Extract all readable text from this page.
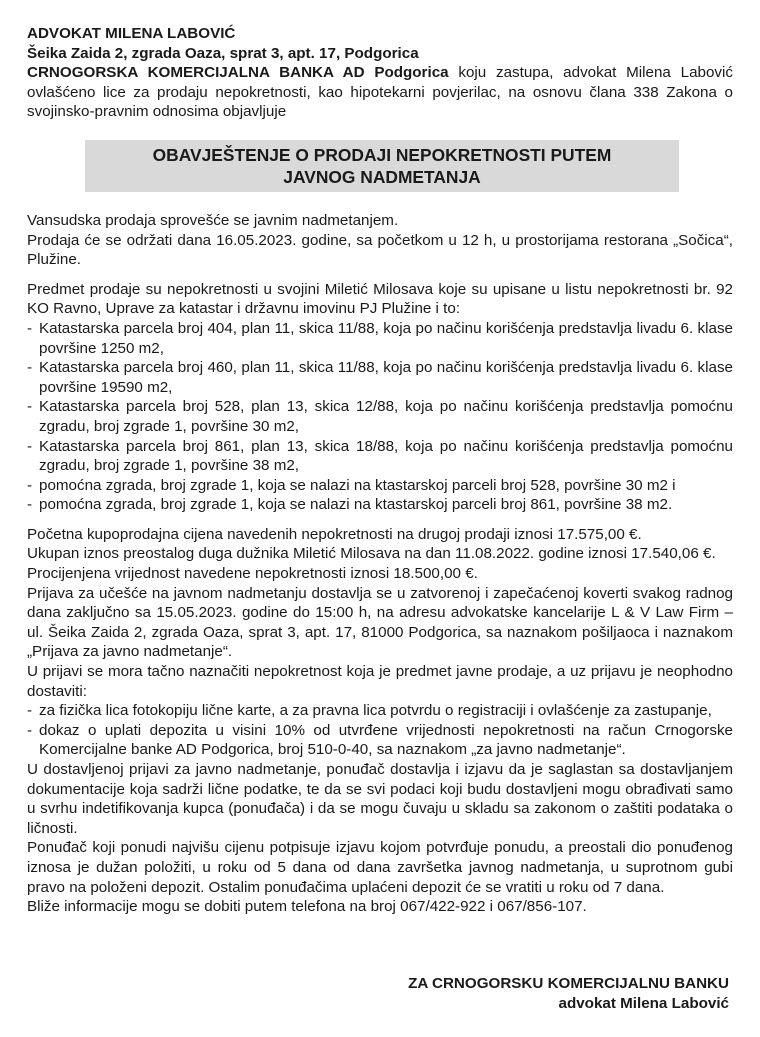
ADVOKAT MILENA LABOVIĆ
Šeika Zaida 2, zgrada Oaza, sprat 3, apt. 17, Podgorica

CRNOGORSKA KOMERCIJALNA BANKA AD Podgorica koju zastupa, advokat Milena Labović ovlašćeno lice za prodaju nepokretnosti, kao hipotekarni povjerilac, na osnovu člana 338 Zakona o svojinsko-pravnim odnosima objavljuje

OBAVJEŠTENJE O PRODAJI NEPOKRETNOSTI PUTEM
JAVNOG NADMETANJA

Vansudska prodaja sprovešće se javnim nadmetanjem.

Prodaja će se održati dana 16.05.2023. godine, sa početkom u 12 h, u prostorijama restorana „Sočica“, Plužine.

Predmet prodaje su nepokretnosti u svojini Miletić Milosava koje su upisane u listu nepokretnosti br. 92 KO Ravno, Uprave za katastar i državnu imovinu PJ Plužine i to:

- Katastarska parcela broj 404, plan 11, skica 11/88, koja po načinu korišćenja predstavlja livadu 6. klase površine 1250 m2,
- Katastarska parcela broj 460, plan 11, skica 11/88, koja po načinu korišćenja predstavlja livadu 6. klase površine 19590 m2,
- Katastarska parcela broj 528, plan 13, skica 12/88, koja po načinu korišćenja predstavlja pomoćnu zgradu, broj zgrade 1, površine 30 m2,
- Katastarska parcela broj 861, plan 13, skica 18/88, koja po načinu korišćenja predstavlja pomoćnu zgradu, broj zgrade 1, površine 38 m2,
- pomoćna zgrada, broj zgrade 1, koja se nalazi na ktastarskoj parceli broj 528, površine 30 m2 i
- pomoćna zgrada, broj zgrade 1, koja se nalazi na ktastarskoj parceli broj 861, površine 38 m2.

Početna kupoprodajna cijena navedenih nepokretnosti na drugoj prodaji iznosi 17.575,00 €.

Ukupan iznos preostalog duga dužnika Miletić Milosava na dan 11.08.2022. godine iznosi 17.540,06 €.

Procijenjena vrijednost navedene nepokretnosti iznosi 18.500,00 €.

Prijava za učešće na javnom nadmetanju dostavlja se u zatvorenoj i zapečaćenoj koverti svakog radnog dana zaključno sa 15.05.2023. godine do 15:00 h, na adresu advokatske kancelarije L & V Law Firm – ul. Šeika Zaida 2, zgrada Oaza, sprat 3, apt. 17, 81000 Podgorica, sa naznakom pošiljaoca i naznakom „Prijava za javno nadmetanje“.

U prijavi se mora tačno naznačiti nepokretnost koja je predmet javne prodaje, a uz prijavu je neophodno dostaviti:

- za fizička lica fotokopiju lične karte, a za pravna lica potvrdu o registraciji i ovlašćenje za zastupanje,
- dokaz o uplati depozita u visini 10% od utvrđene vrijednosti nepokretnosti na račun Crnogorske Komercijalne banke AD Podgorica, broj 510-0-40, sa naznakom „za javno nadmetanje“.

U dostavljenoj prijavi za javno nadmetanje, ponuđač dostavlja i izjavu da je saglastan sa dostavljanjem dokumentacije koja sadrži lične podatke, te da se svi podaci koji budu dostavljeni mogu obrađivati samo u svrhu indetifikovanja kupca (ponuđača) i da se mogu čuvaju u skladu sa zakonom o zaštiti podataka o ličnosti.

Ponuđač koji ponudi najvišu cijenu potpisuje izjavu kojom potvrđuje ponudu, a preostali dio ponuđenog iznosa je dužan položiti, u roku od 5 dana od dana završetka javnog nadmetanja, u suprotnom gubi pravo na položeni depozit. Ostalim ponuđačima uplaćeni depozit će se vratiti u roku od 7 dana.

Bliže informacije mogu se dobiti putem telefona na broj 067/422-922 i 067/856-107.

ZA CRNOGORSKU KOMERCIJALNU BANKU
advokat Milena Labović
